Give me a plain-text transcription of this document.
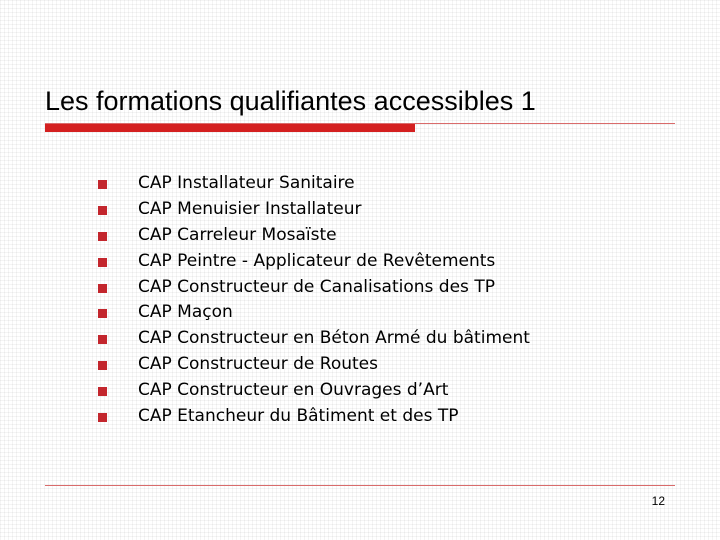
Les formations qualifiantes accessibles 1
CAP Installateur Sanitaire
CAP Menuisier Installateur
CAP Carreleur Mosaïste
CAP Peintre - Applicateur de Revêtements
CAP Constructeur de Canalisations des TP
CAP Maçon
CAP Constructeur en Béton Armé du bâtiment
CAP Constructeur de Routes
CAP Constructeur en Ouvrages d’Art
CAP Etancheur du Bâtiment et des TP
12
